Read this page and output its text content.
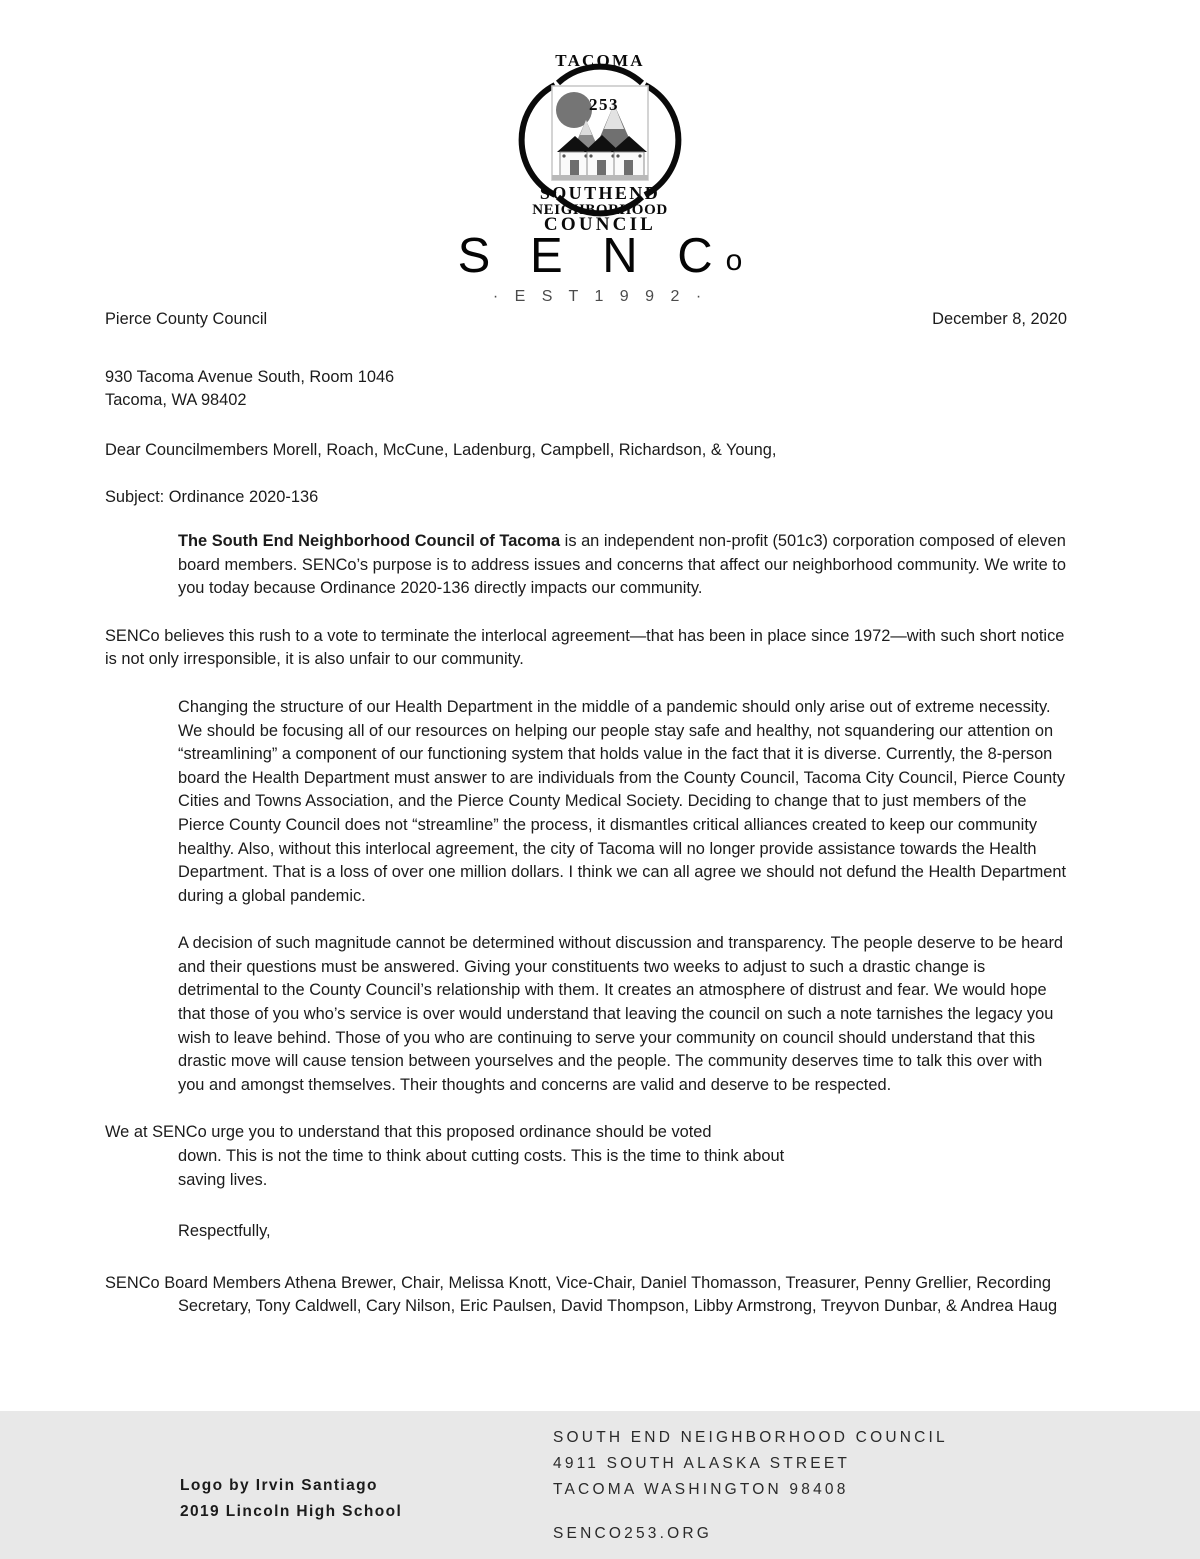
TACOMA
253
SOUTHEND
NEIGHBORHOOD
COUNCIL
S E N Co
· E S T 1 9 9 2 ·
Pierce County Council	December 8, 2020
930 Tacoma Avenue South, Room 1046
Tacoma, WA 98402

Dear Councilmembers Morell, Roach, McCune, Ladenburg, Campbell, Richardson, & Young,

Subject: Ordinance 2020-136

The South End Neighborhood Council of Tacoma is an independent non-profit (501c3) corporation composed of eleven board members. SENCo’s purpose is to address issues and concerns that affect our neighborhood community. We write to you today because Ordinance 2020-136 directly impacts our community.

SENCo believes this rush to a vote to terminate the interlocal agreement—that has been in place since 1972—with such short notice is not only irresponsible, it is also unfair to our community.

Changing the structure of our Health Department in the middle of a pandemic should only arise out of extreme necessity. We should be focusing all of our resources on helping our people stay safe and healthy, not squandering our attention on “streamlining” a component of our functioning system that holds value in the fact that it is diverse. Currently, the 8-person board the Health Department must answer to are individuals from the County Council, Tacoma City Council, Pierce County Cities and Towns Association, and the Pierce County Medical Society. Deciding to change that to just members of the Pierce County Council does not “streamline” the process, it dismantles critical alliances created to keep our community healthy. Also, without this interlocal agreement, the city of Tacoma will no longer provide assistance towards the Health Department. That is a loss of over one million dollars. I think we can all agree we should not defund the Health Department during a global pandemic.

A decision of such magnitude cannot be determined without discussion and transparency. The people deserve to be heard and their questions must be answered. Giving your constituents two weeks to adjust to such a drastic change is detrimental to the County Council’s relationship with them. It creates an atmosphere of distrust and fear. We would hope that those of you who’s service is over would understand that leaving the council on such a note tarnishes the legacy you wish to leave behind. Those of you who are continuing to serve your community on council should understand that this drastic move will cause tension between yourselves and the people. The community deserves time to talk this over with you and amongst themselves. Their thoughts and concerns are valid and deserve to be respected.

We at SENCo urge you to understand that this proposed ordinance should be voted
down. This is not the time to think about cutting costs. This is the time to think about
saving lives.

Respectfully,

SENCo Board Members Athena Brewer, Chair, Melissa Knott, Vice-Chair, Daniel Thomasson, Treasurer, Penny Grellier, Recording Secretary, Tony Caldwell, Cary Nilson, Eric Paulsen, David Thompson, Libby Armstrong, Treyvon Dunbar, & Andrea Haug

Logo by Irvin Santiago
2019 Lincoln High School
SOUTH END NEIGHBORHOOD COUNCIL
4911 SOUTH ALASKA STREET
TACOMA WASHINGTON 98408
SENCO253.ORG
